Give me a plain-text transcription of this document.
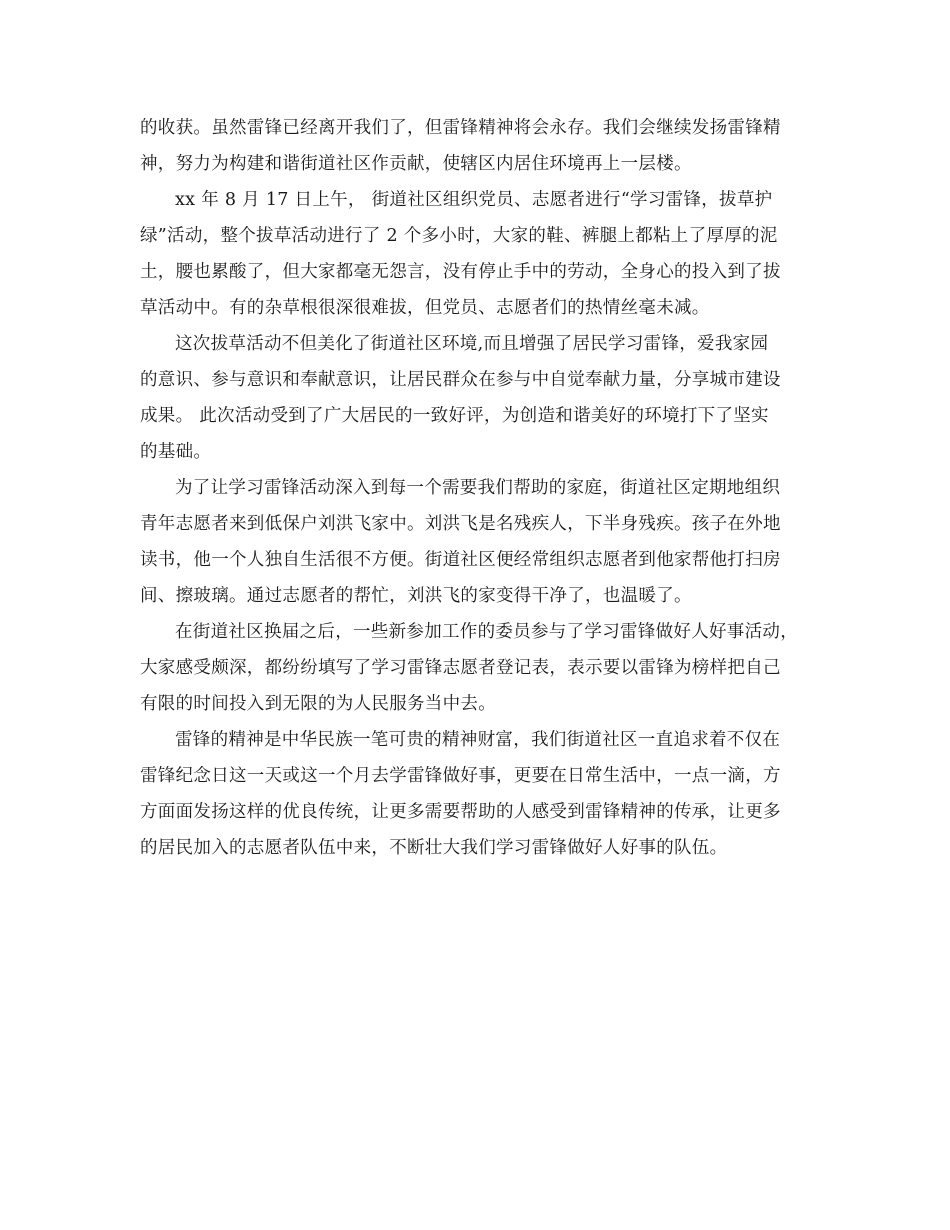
的收获。虽然雷锋已经离开我们了，但雷锋精神将会永存。我们会继续发扬雷锋精
神，努力为构建和谐街道社区作贡献，使辖区内居住环境再上一层楼。
xx 年 8 月 17 日上午， 街道社区组织党员、志愿者进行“学习雷锋，拔草护
绿”活动，整个拔草活动进行了 2 个多小时，大家的鞋、裤腿上都粘上了厚厚的泥
土，腰也累酸了，但大家都毫无怨言，没有停止手中的劳动，全身心的投入到了拔
草活动中。有的杂草根很深很难拔，但党员、志愿者们的热情丝毫未减。
这次拔草活动不但美化了街道社区环境,而且增强了居民学习雷锋，爱我家园
的意识、参与意识和奉献意识，让居民群众在参与中自觉奉献力量，分享城市建设
成果。 此次活动受到了广大居民的一致好评，为创造和谐美好的环境打下了坚实
的基础。
为了让学习雷锋活动深入到每一个需要我们帮助的家庭，街道社区定期地组织
青年志愿者来到低保户刘洪飞家中。刘洪飞是名残疾人，下半身残疾。孩子在外地
读书，他一个人独自生活很不方便。街道社区便经常组织志愿者到他家帮他打扫房
间、擦玻璃。通过志愿者的帮忙，刘洪飞的家变得干净了，也温暖了。
在街道社区换届之后，一些新参加工作的委员参与了学习雷锋做好人好事活动，
大家感受颇深，都纷纷填写了学习雷锋志愿者登记表，表示要以雷锋为榜样把自己
有限的时间投入到无限的为人民服务当中去。
雷锋的精神是中华民族一笔可贵的精神财富，我们街道社区一直追求着不仅在
雷锋纪念日这一天或这一个月去学雷锋做好事，更要在日常生活中，一点一滴，方
方面面发扬这样的优良传统，让更多需要帮助的人感受到雷锋精神的传承，让更多
的居民加入的志愿者队伍中来，不断壮大我们学习雷锋做好人好事的队伍。
